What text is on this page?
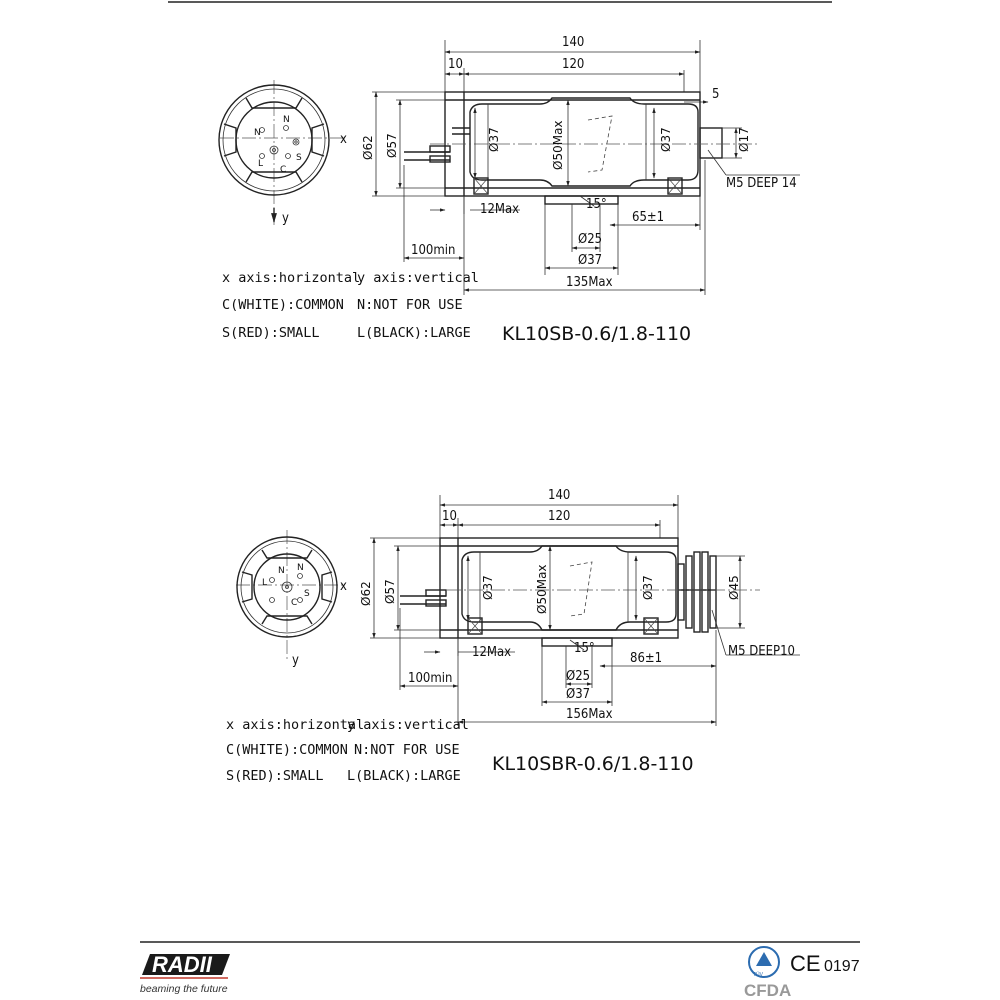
N
N
L
C
S
x
y
140
10	120
5
Ø17
M5 DEEP 14
Ø37	Ø50Max	Ø37
Ø62 Ø57
12Max	15°
65±1
Ø25
Ø37
100min
135Max
x axis:horizontal
y axis:vertical
C(WHITE):COMMON N:NOT FOR USE
S(RED):SMALL	L(BLACK):LARGE KL10SB-0.6/1.8-110
N N
L
C
S x
y
140
10	120
Ø45
M5 DEEP10
Ø37	Ø50Max	Ø37
Ø62 Ø57
12Max	15°
86±1
Ø25
Ø37
100min
156Max
x axis:horizontal
y axis:vertical
C(WHITE):COMMON N:NOT FOR USE
S(RED):SMALL L(BLACK):LARGE
KL10SBR-0.6/1.8-110
RADII
beaming the future
TÜV CE 0197
CFDA
